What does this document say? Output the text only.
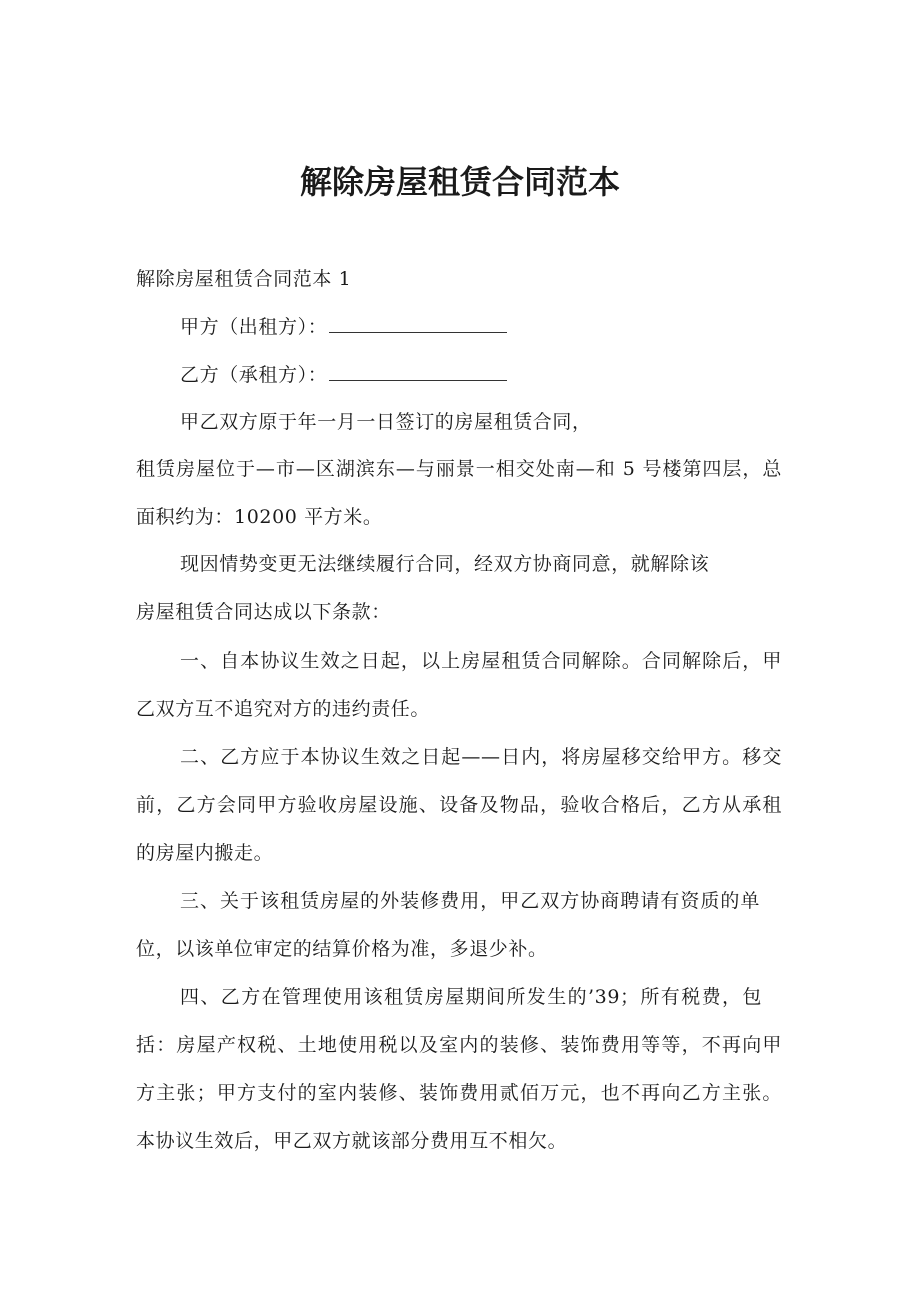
解除房屋租赁合同范本

解除房屋租赁合同范本 1

甲方（出租方）：

乙方（承租方）：

甲乙双方原于年一月一日签订的房屋租赁合同，

租赁房屋位于—市—区湖滨东—与丽景一相交处南—和 5 号楼第四层，总

面积约为：10200 平方米。

现因情势变更无法继续履行合同，经双方协商同意，就解除该

房屋租赁合同达成以下条款：

一、自本协议生效之日起，以上房屋租赁合同解除。合同解除后，甲

乙双方互不追究对方的违约责任。

二、乙方应于本协议生效之日起——日内，将房屋移交给甲方。移交

前，乙方会同甲方验收房屋设施、设备及物品，验收合格后，乙方从承租

的房屋内搬走。

三、关于该租赁房屋的外装修费用，甲乙双方协商聘请有资质的单

位，以该单位审定的结算价格为准，多退少补。

四、乙方在管理使用该租赁房屋期间所发生的’39；所有税费，包

括：房屋产权税、土地使用税以及室内的装修、装饰费用等等，不再向甲

方主张；甲方支付的室内装修、装饰费用贰佰万元，也不再向乙方主张。

本协议生效后，甲乙双方就该部分费用互不相欠。
